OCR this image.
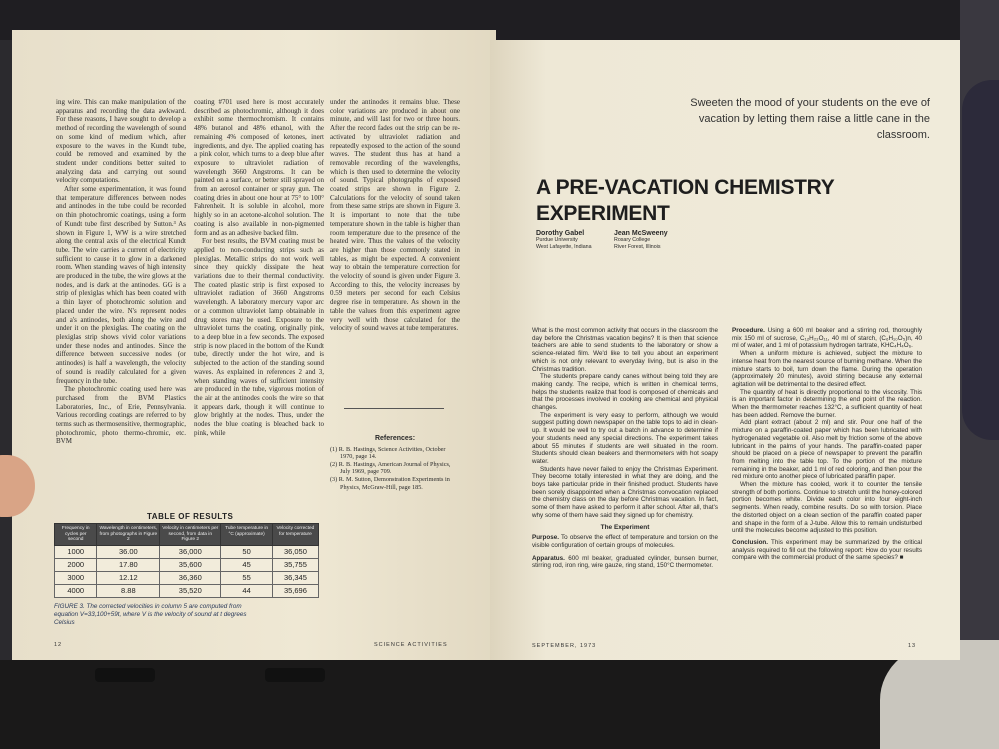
ing wire. This can make manipulation of the apparatus and recording the data awkward. For these reasons, I have sought to develop a method of recording the wavelength of sound on some kind of medium which, after exposure to the waves in the Kundt tube, could be removed and examined by the student under conditions better suited to analyzing data and carrying out sound velocity computations.

After some experimentation, it was found that temperature differences between nodes and antinodes in the tube could be recorded on thin photochromic coatings, using a form of Kundt tube first described by Sutton.³ As shown in Figure 1, WW is a wire stretched along the central axis of the electrical Kundt tube. The wire carries a current of electricity sufficient to cause it to glow in a darkened room. When standing waves of high intensity are produced in the tube, the wire glows at the nodes, and is dark at the antinodes. GG is a strip of plexiglas which has been coated with a thin layer of photochromic solution and placed under the wire. N's represent nodes and a's antinodes, both along the wire and under it on the plexiglas. The coating on the plexiglas strip shows vivid color variations under these nodes and antinodes. Since the difference between successive nodes (or antinodes) is half a wavelength, the velocity of sound is readily calculated for a given frequency in the tube.

The photochromic coating used here was purchased from the BVM Plastics Laboratories, Inc., of Erie, Pennsylvania. Various recording coatings are referred to by terms such as thermosensitive, thermographic, photochromic, photo thermo-chromic, etc. BVM

coating #701 used here is most accurately described as photochromic, although it does exhibit some thermochromism. It contains 48% butanol and 48% ethanol, with the remaining 4% composed of ketones, inert ingredients, and dye. The applied coating has a pink color, which turns to a deep blue after exposure to ultraviolet radiation of wavelength 3660 Angstroms. It can be painted on a surface, or better still sprayed on from an aerosol container or spray gun. The coating dries in about one hour at 75° to 100° Fahrenheit. It is soluble in alcohol, more highly so in an acetone-alcohol solution. The coating is also available in non-pigmented form and as an adhesive backed film.

For best results, the BVM coating must be applied to non-conducting strips such as plexiglas. Metallic strips do not work well since they quickly dissipate the heat variations due to their thermal conductivity. The coated plastic strip is first exposed to ultraviolet radiation of 3660 Angstroms wavelength. A laboratory mercury vapor arc or a common ultraviolet lamp obtainable in drug stores may be used. Exposure to the ultraviolet turns the coating, originally pink, to a deep blue in a few seconds. The exposed strip is now placed in the bottom of the Kundt tube, directly under the hot wire, and is subjected to the action of the standing sound waves. As explained in references 2 and 3, when standing waves of sufficient intensity are produced in the tube, vigorous motion of the air at the antinodes cools the wire so that it appears dark, though it will continue to glow brightly at the nodes. Thus, under the nodes the blue coating is bleached back to pink, while

under the antinodes it remains blue. These color variations are produced in about one minute, and will last for two or three hours. After the record fades out the strip can be re-activated by ultraviolet radiation and repeatedly exposed to the action of the sound waves. The student thus has at hand a removable recording of the wavelengths, which is then used to determine the velocity of sound. Typical photographs of exposed coated strips are shown in Figure 2. Calculations for the velocity of sound taken from these same strips are shown in Figure 3. It is important to note that the tube temperature shown in the table is higher than room temperature due to the presence of the heated wire. Thus the values of the velocity are higher than those commonly stated in tables, as might be expected. A convenient way to obtain the temperature correction for the velocity of sound is given under Figure 3. According to this, the velocity increases by 0.59 meters per second for each Celsius degree rise in temperature. As shown in the table the values from this experiment agree very well with those calculated for the velocity of sound waves at tube temperatures.

References:
(1) R. B. Hastings, Science Activities, October 1970, page 14.
(2) R. B. Hastings, American Journal of Physics, July 1969, page 709.
(3) R. M. Sutton, Demonstration Experiments in Physics, McGraw-Hill, page 185.
TABLE OF RESULTS
Frequency in cycles per second	Wavelength in centimeters, from photographs in Figure 2	Velocity in centimeters per second, from data in Figure 2	Tube temperature in °C (approximate)	Velocity corrected for temperature
1000	36.00	36,000	50	36,050
2000	17.80	35,600	45	35,755
3000	12.12	36,360	55	36,345
4000	8.88	35,520	44	35,696
FIGURE 3. The corrected velocities in column 5 are computed from equation V=33,100+59t, where V is the velocity of sound at t degrees Celsius
12	SCIENCE ACTIVITIES
Sweeten the mood of your students on the eve of vacation by letting them raise a little cane in the classroom.
A PRE-VACATION CHEMISTRY EXPERIMENT
Dorothy Gabel
Purdue University
West Lafayette, Indiana
Jean McSweeny
Rosary College
River Forest, Illinois

What is the most common activity that occurs in the classroom the day before the Christmas vacation begins? It is then that science teachers are able to send students to the laboratory or show a science-related film. We'd like to tell you about an experiment which is not only relevant to everyday living, but is also in the Christmas tradition.

The students prepare candy canes without being told they are making candy. The recipe, which is written in chemical terms, helps the students realize that food is composed of chemicals and that the processes involved in cooking are chemical and physical changes.

The experiment is very easy to perform, although we would suggest putting down newspaper on the table tops to aid in clean-up. It would be well to try out a batch in advance to determine if your students need any special directions. The experiment takes about 55 minutes if students are well situated in the room. Students should clean beakers and thermometers with hot soapy water.

Students have never failed to enjoy the Christmas Experiment. They become totally interested in what they are doing, and the boys take particular pride in their finished product. Students have been sorely disappointed when a Christmas convocation replaced the chemistry class on the day before Christmas vacation. In fact, some of them have asked to perform it after school. After all, that's why some of them have said they signed up for chemistry.

The Experiment

Purpose. To observe the effect of temperature and torsion on the visible configuration of certain groups of molecules.

Apparatus. 600 ml beaker, graduated cylinder, bunsen burner, stirring rod, iron ring, wire gauze, ring stand, 150°C thermometer.

Procedure. Using a 600 ml beaker and a stirring rod, thoroughly mix 150 ml of sucrose, C₁₂H₂₂O₁₁, 40 ml of starch, (C₆H₁₀O₅)n, 40 ml of water, and 1 ml of potassium hydrogen tartrate, KHC₄H₄O₆.

When a uniform mixture is achieved, subject the mixture to intense heat from the nearest source of burning methane. When the mixture starts to boil, turn down the flame. During the operation (approximately 20 minutes), avoid stirring because any external agitation will be detrimental to the desired effect.

The quantity of heat is directly proportional to the viscosity. This is an important factor in determining the end point of the reaction. When the thermometer reaches 132°C, a sufficient quantity of heat has been added. Remove the burner.

Add plant extract (about 2 ml) and stir. Pour one half of the mixture on a paraffin-coated paper which has been lubricated with hydrogenated vegetable oil. Also melt by friction some of the above lubricant in the palms of your hands. The paraffin-coated paper should be placed on a piece of newspaper to prevent the paraffin from melting into the table top. To the portion of the mixture remaining in the beaker, add 1 ml of red coloring, and then pour the red mixture onto another piece of lubricated paraffin paper.

When the mixture has cooled, work it to counter the tensile strength of both portions. Continue to stretch until the honey-colored portion becomes white. Divide each color into four eight-inch segments. When ready, combine results. Do so with torsion. Place the distorted object on a clean section of the paraffin coated paper and shape in the form of a J-tube. Allow this to remain undisturbed until the molecules become adjusted to this position.

Conclusion. This experiment may be summarized by the critical analysis required to fill out the following report: How do your results compare with the commercial product of the same species? ■

SEPTEMBER, 1973	13
